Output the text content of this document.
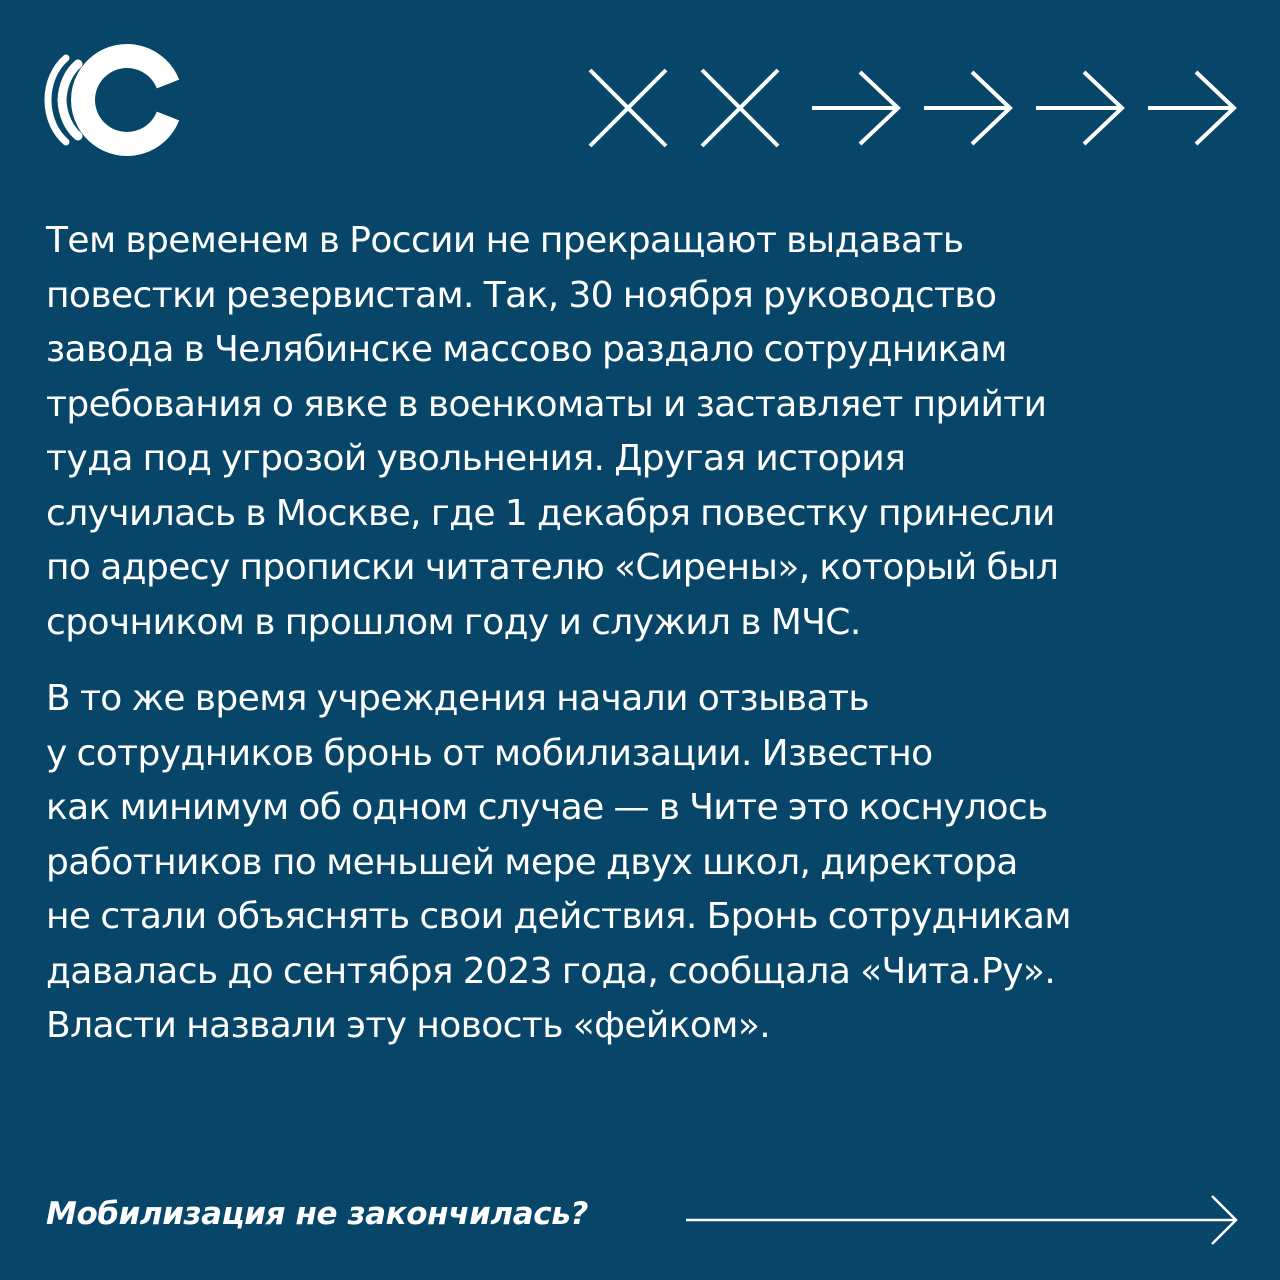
Тем временем в России не прекращают выдавать
повестки резервистам. Так, 30 ноября руководство
завода в Челябинске массово раздало сотрудникам
требования о явке в военкоматы и заставляет прийти
туда под угрозой увольнения. Другая история
случилась в Москве, где 1 декабря повестку принесли
по адресу прописки читателю «Сирены», который был
срочником в прошлом году и служил в МЧС.

В то же время учреждения начали отзывать
у сотрудников бронь от мобилизации. Известно
как минимум об одном случае — в Чите это коснулось
работников по меньшей мере двух школ, директора
не стали объяснять свои действия. Бронь сотрудникам
давалась до сентября 2023 года, сообщала «Чита.Ру».
Власти назвали эту новость «фейком».

Мобилизация не закончилась?
